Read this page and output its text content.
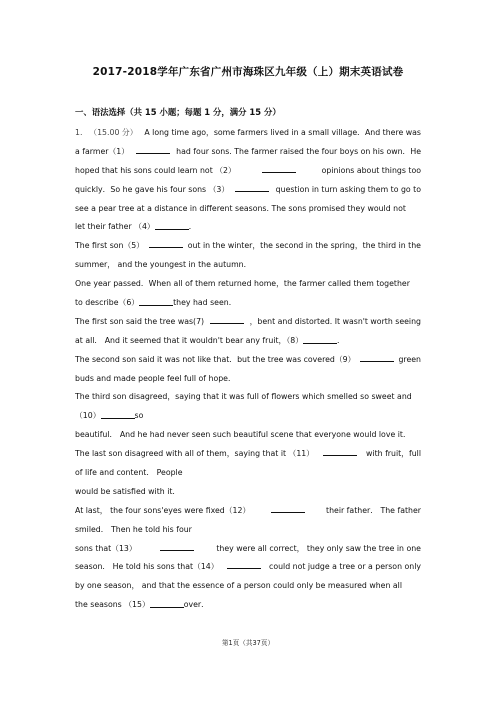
2017-2018学年广东省广州市海珠区九年级（上）期末英语试卷
一、语法选择（共 15 小题；每题 1 分，满分 15 分）
1. （15.00 分） A long time ago，some farmers lived in a small village．And there was
a farmer（1）	had four sons. The farmer raised the four boys on his own．He
hoped that his sons could learn not （2）	opinions about things too
quickly．So he gave his four sons （3）	question in turn asking them to go to
see a pear tree at a distance in different seasons. The sons promised they would not
let their father （4）	．
The first son（5）	out in the winter，the second in the spring，the third in the
summer， and the youngest in the autumn．
One year passed．When all of them returned home，the farmer called them together
to describe（6）	they had seen．
The first son said the tree was(7)	，bent and distorted. It wasn't worth seeing
at all． And it seemed that it wouldn't bear any fruit，（8）	．
The second son said it was not like that．but the tree was covered（9）	green
buds and made people feel full of hope．
The third son disagreed，saying that it was full of flowers which smelled so sweet and
（10）	so
beautiful． And he had never seen such beautiful scene that everyone would love it．
The last son disagreed with all of them，saying that it （11）	with fruit，full
of life and content． People
would be satisfied with it．
At last， the four sons'eyes were fixed（12）	their father． The father
smiled． Then he told his four
sons that（13）	they were all correct， they only saw the tree in one
season． He told his sons that（14）	could not judge a tree or a person only
by one season， and that the essence of a person could only be measured when all
the seasons （15）	over．
第1页（共37页）
